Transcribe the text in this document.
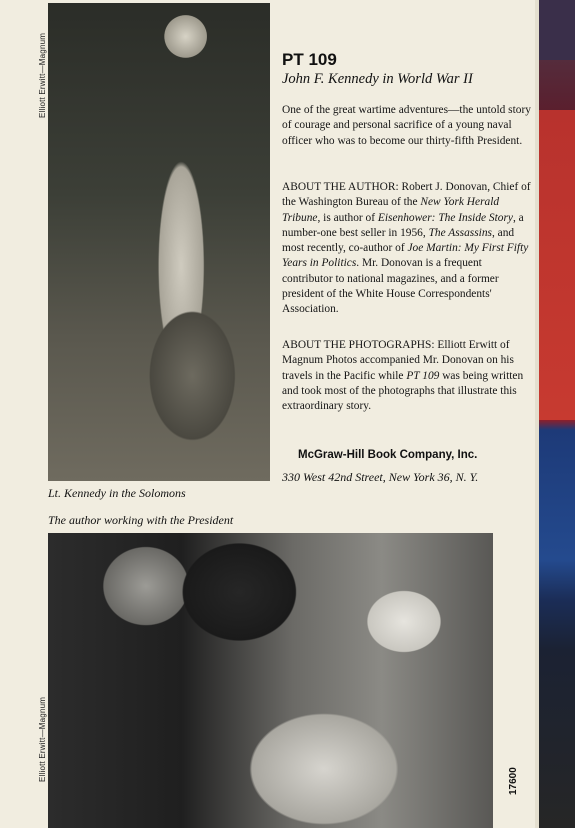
Elliott Erwitt—Magnum
Lt. Kennedy in the Solomons
PT 109
John F. Kennedy in World War II

One of the great wartime adventures—the untold story of courage and personal sacrifice of a young naval officer who was to become our thirty-fifth President.

ABOUT THE AUTHOR: Robert J. Donovan, Chief of the Washington Bureau of the New York Herald Tribune, is author of Eisenhower: The Inside Story, a number-one best seller in 1956, The Assassins, and most recently, co-author of Joe Martin: My First Fifty Years in Politics. Mr. Donovan is a frequent contributor to national magazines, and a former president of the White House Correspondents' Association.

ABOUT THE PHOTOGRAPHS: Elliott Erwitt of Magnum Photos accompanied Mr. Donovan on his travels in the Pacific while PT 109 was being written and took most of the photographs that illustrate this extraordinary story.

McGraw-Hill Book Company, Inc.
330 West 42nd Street, New York 36, N. Y.
The author working with the President
Elliott Erwitt—Magnum	17600
